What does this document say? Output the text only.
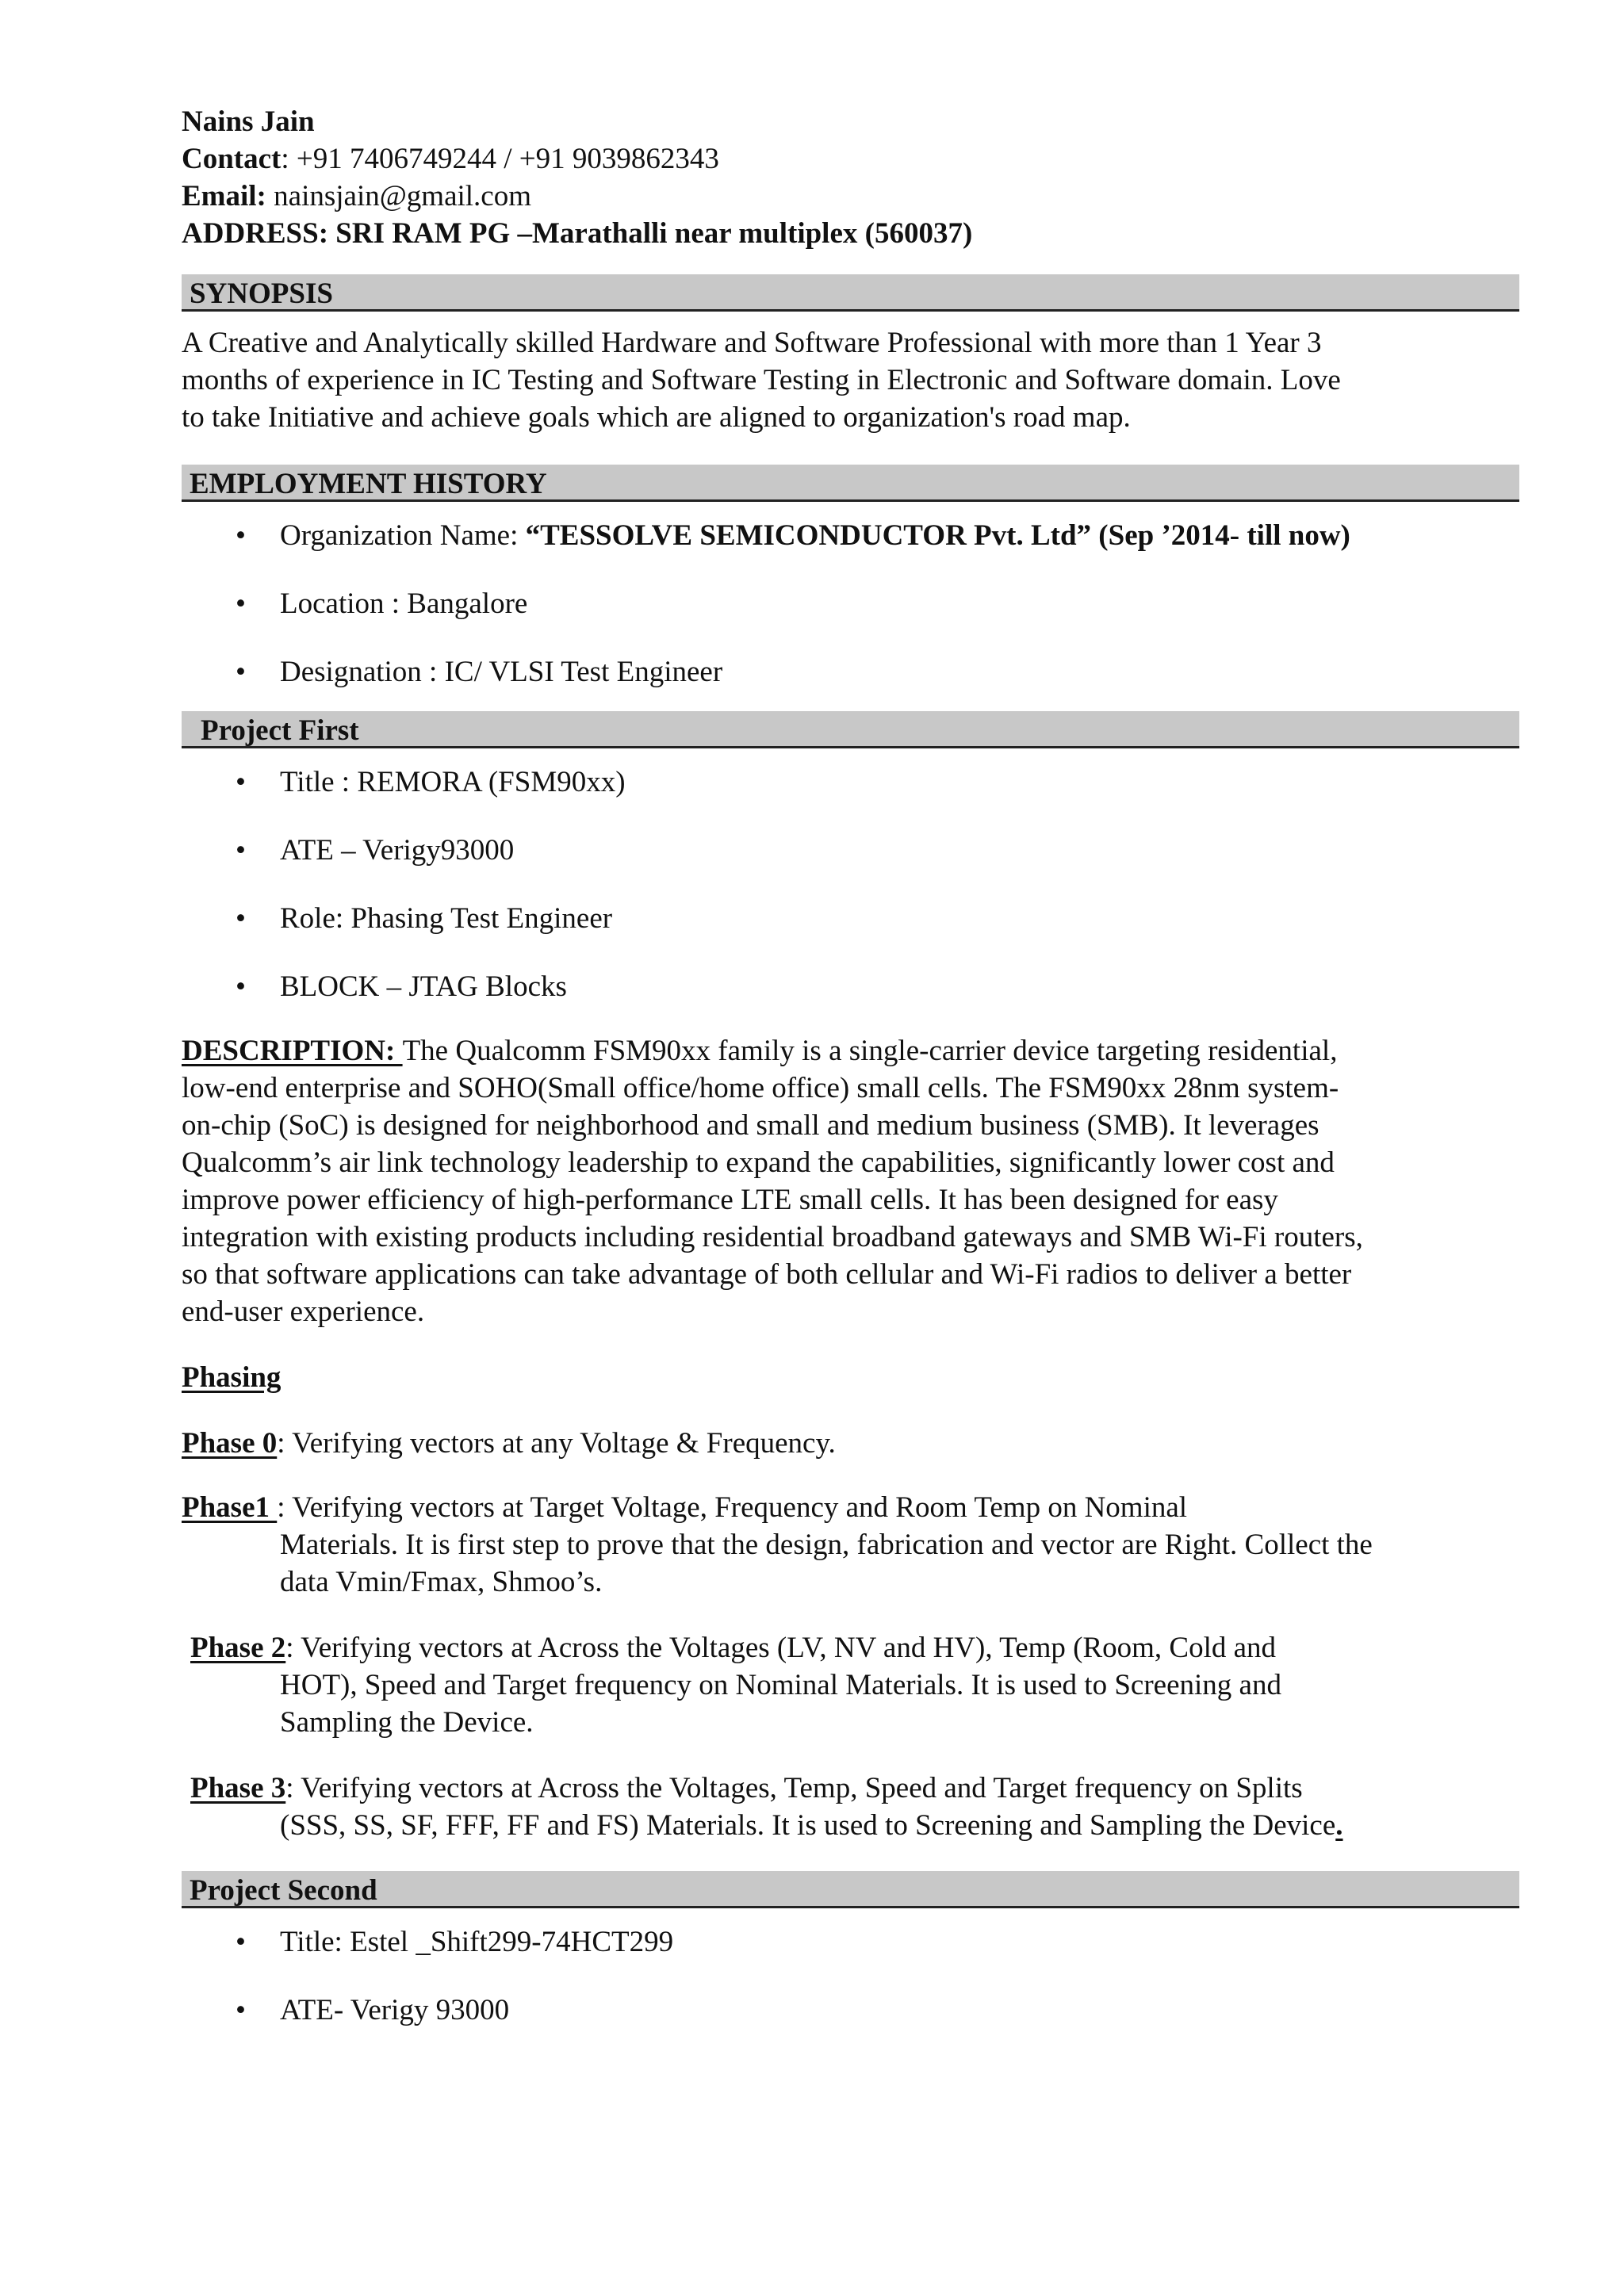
Nains Jain

Contact: +91 7406749244 / +91 9039862343

Email: nainsjain@gmail.com

ADDRESS: SRI RAM PG –Marathalli near multiplex (560037)

SYNOPSIS

A Creative and Analytically skilled Hardware and Software Professional with more than 1 Year 3

months of experience in IC Testing and Software Testing in Electronic and Software domain. Love

to take Initiative and achieve goals which are aligned to organization's road map.

EMPLOYMENT HISTORY
• Organization Name: “TESSOLVE SEMICONDUCTOR Pvt. Ltd” (Sep ’2014- till now)
• Location : Bangalore
• Designation : IC/ VLSI Test Engineer
Project First
• Title : REMORA (FSM90xx)
• ATE – Verigy93000
• Role: Phasing Test Engineer
• BLOCK – JTAG Blocks

DESCRIPTION: The Qualcomm FSM90xx family is a single-carrier device targeting residential,

low-end enterprise and SOHO(Small office/home office) small cells. The FSM90xx 28nm system-

on-chip (SoC) is designed for neighborhood and small and medium business (SMB). It leverages

Qualcomm’s air link technology leadership to expand the capabilities, significantly lower cost and

improve power efficiency of high-performance LTE small cells. It has been designed for easy

integration with existing products including residential broadband gateways and SMB Wi-Fi routers,

so that software applications can take advantage of both cellular and Wi-Fi radios to deliver a better

end-user experience.

Phasing

Phase 0: Verifying vectors at any Voltage & Frequency.

Phase1 : Verifying vectors at Target Voltage, Frequency and Room Temp on Nominal

Materials. It is first step to prove that the design, fabrication and vector are Right. Collect the

data Vmin/Fmax, Shmoo’s.

Phase 2: Verifying vectors at Across the Voltages (LV, NV and HV), Temp (Room, Cold and

HOT), Speed and Target frequency on Nominal Materials. It is used to Screening and

Sampling the Device.

Phase 3: Verifying vectors at Across the Voltages, Temp, Speed and Target frequency on Splits

(SSS, SS, SF, FFF, FF and FS) Materials. It is used to Screening and Sampling the Device.

Project Second
• Title: Estel _Shift299-74HCT299
• ATE- Verigy 93000
